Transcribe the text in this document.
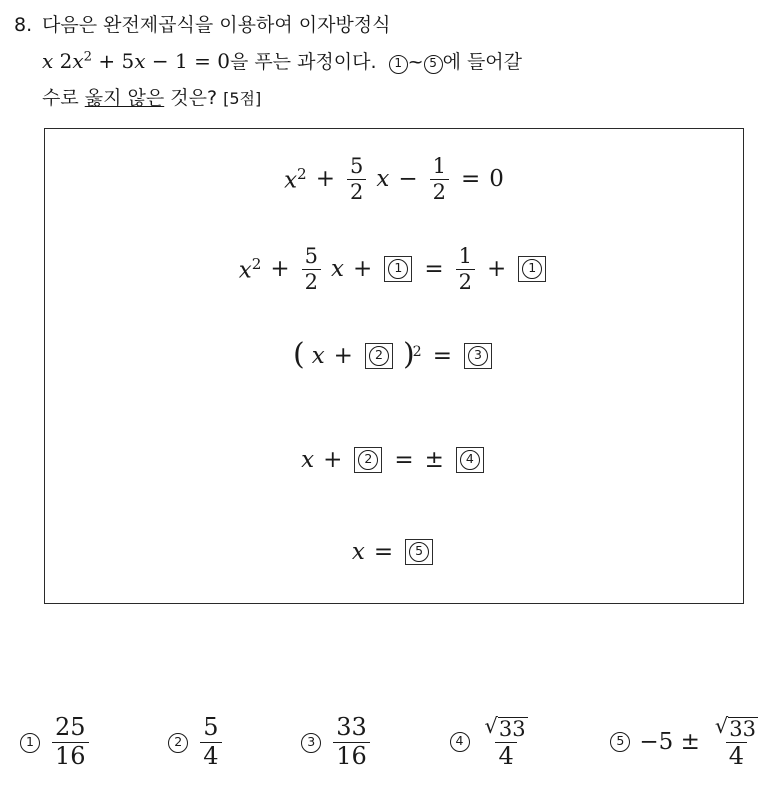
8. 다음은 완전제곱식을 이용하여 이자방정식
x $2x^2 + 5x - 1 = 0$을 푸는 과정이다. 1 ~ 5 에 들어갈
수로 옳지 않은 것은? [5점]
$x^2 + \frac{5}{2}$ $x - \frac{1}{2} = 0$
$x^2 + \frac{5}{2}$ x +	$1 = \frac{1}{2}$ +	1
( x +	2 )$^2$ =	3
x +	2 = ±	4
x =	5
$1 \frac{25}{16}$	$2 \frac{5}{4}$	$3 \frac{33}{16}$	$4 \frac{√ 33}{4}$	$5 -5 \pm \frac{√ 33}{4}$
